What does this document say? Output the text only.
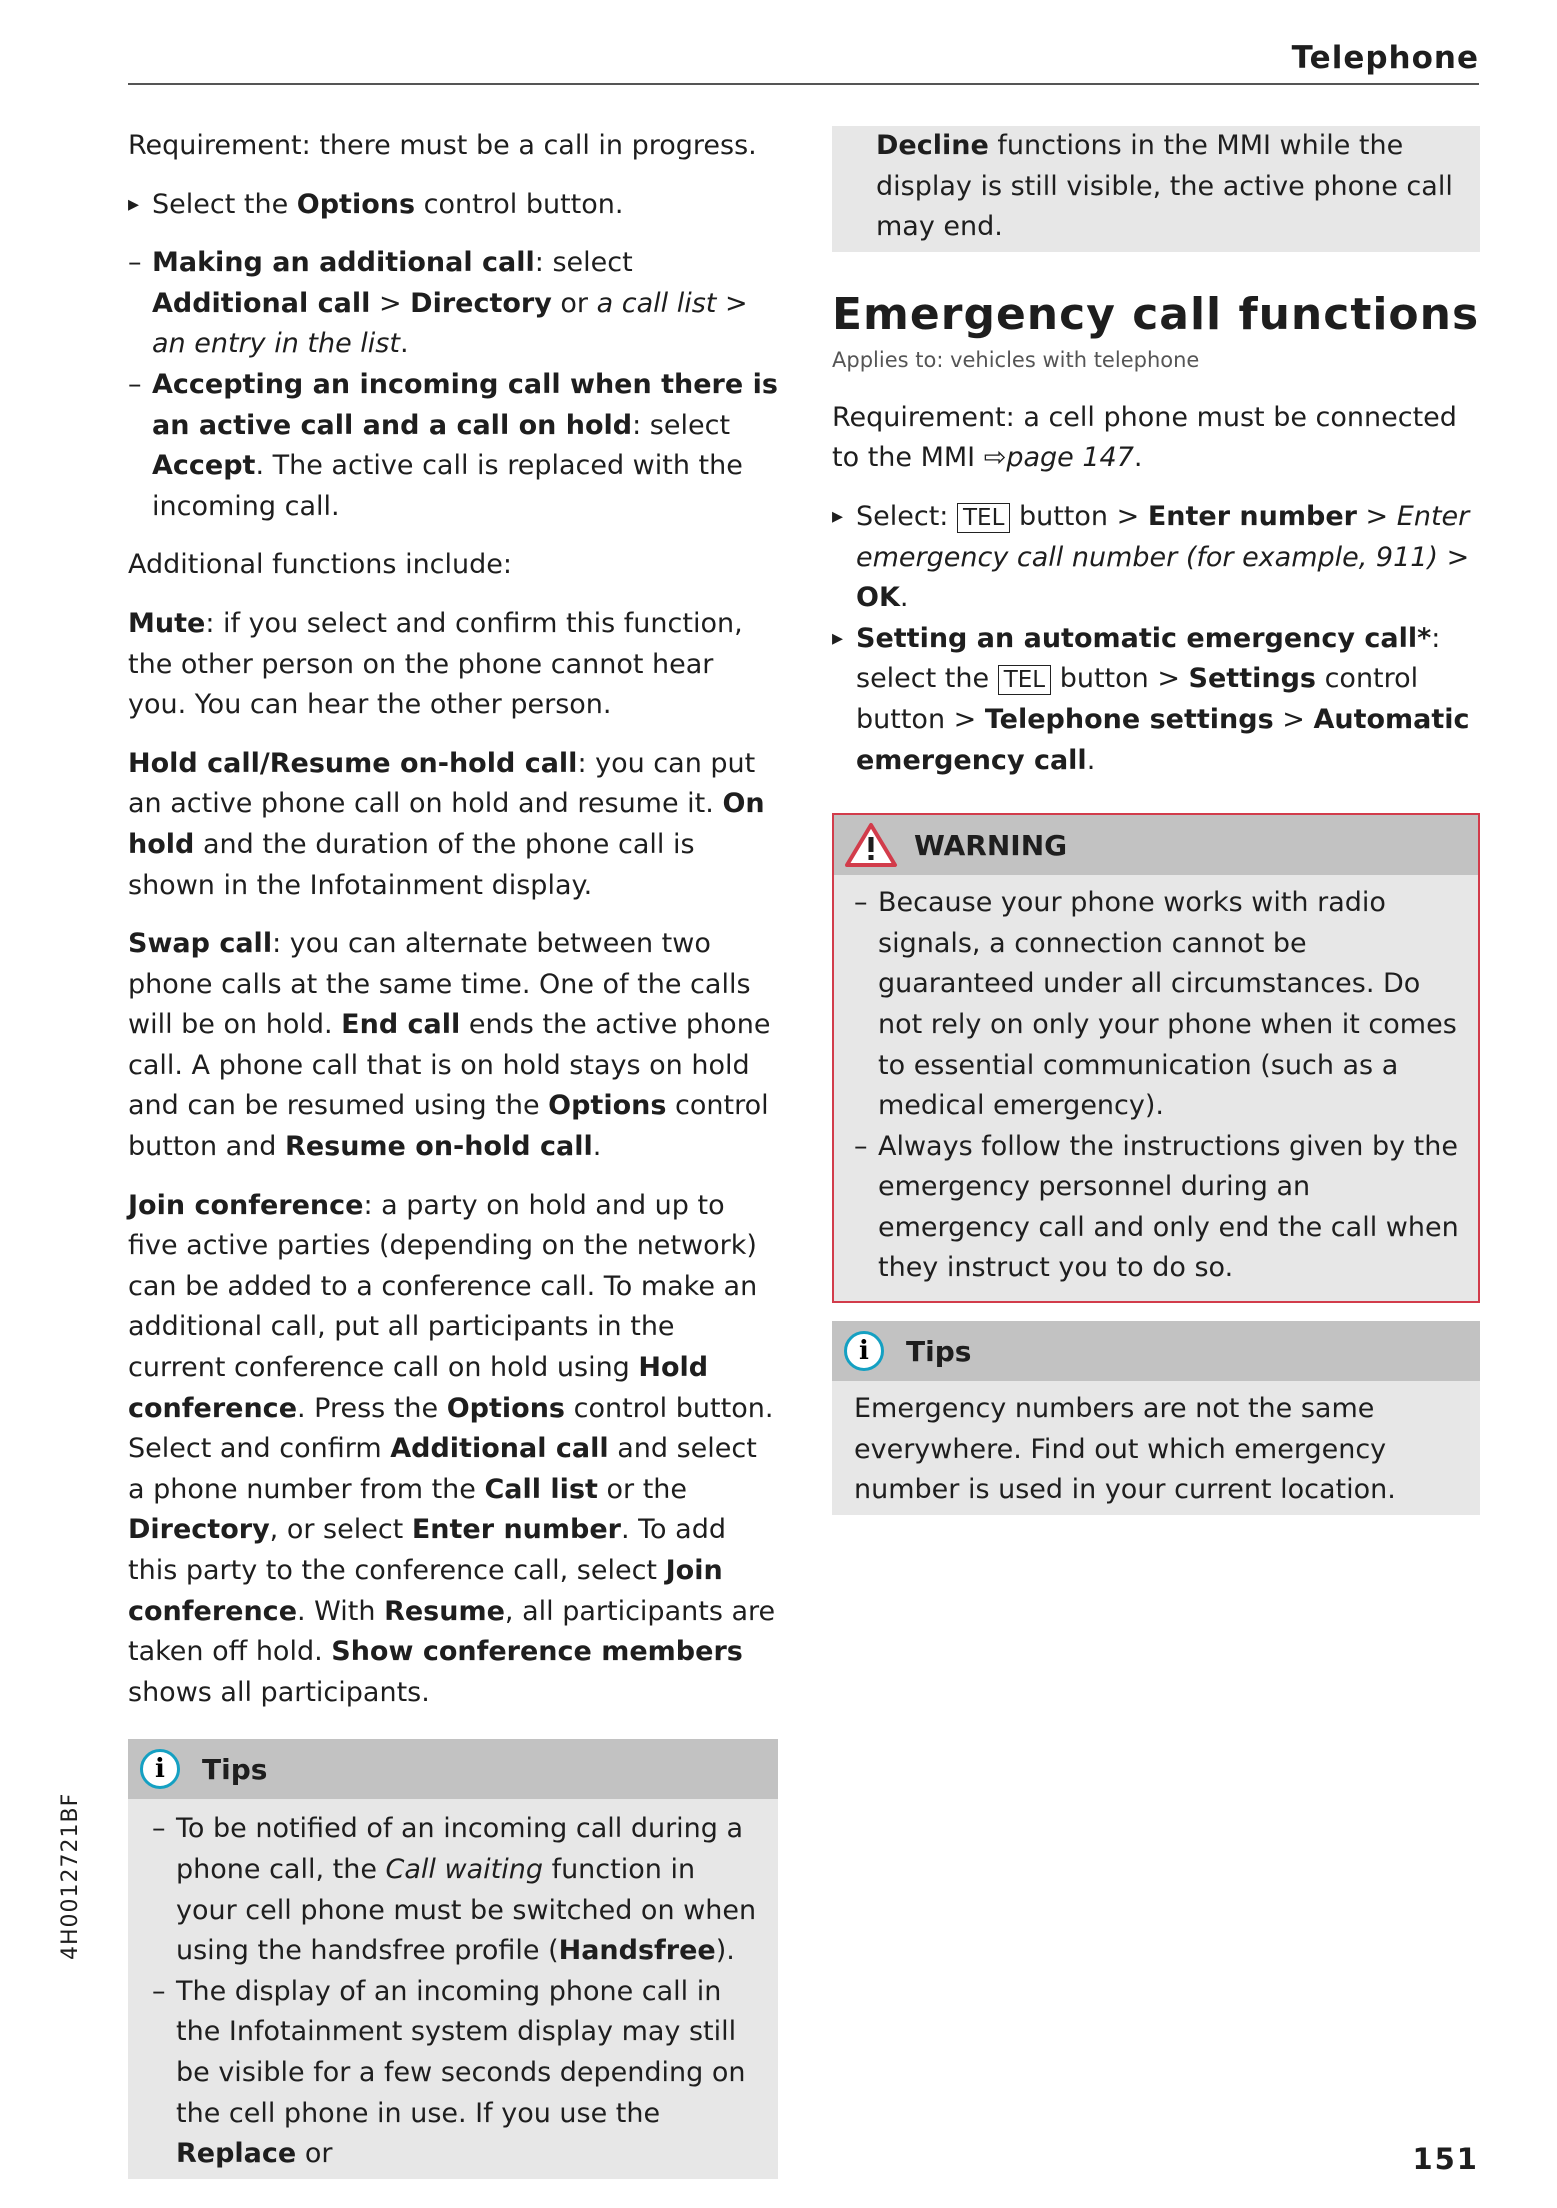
Telephone

Requirement: there must be a call in progress.

▸ Select the Options control button.
– Making an additional call: select Additional call > Directory or a call list > an entry in the list.
– Accepting an incoming call when there is an active call and a call on hold: select Accept. The active call is replaced with the incoming call.

Additional functions include:

Mute: if you select and confirm this function, the other person on the phone cannot hear you. You can hear the other person.

Hold call/Resume on-hold call: you can put an active phone call on hold and resume it. On hold and the duration of the phone call is shown in the Infotainment display.

Swap call: you can alternate between two phone calls at the same time. One of the calls will be on hold. End call ends the active phone call. A phone call that is on hold stays on hold and can be resumed using the Options control button and Resume on-hold call.

Join conference: a party on hold and up to five active parties (depending on the network) can be added to a conference call. To make an additional call, put all participants in the current conference call on hold using Hold conference. Press the Options control button. Select and confirm Additional call and select a phone number from the Call list or the Directory, or select Enter number. To add this party to the conference call, select Join conference. With Resume, all participants are taken off hold. Show conference members shows all participants.

i	Tips
– To be notified of an incoming call during a phone call, the Call waiting function in your cell phone must be switched on when using the handsfree profile (Handsfree).
– The display of an incoming phone call in the Infotainment system display may still be visible for a few seconds depending on the cell phone in use. If you use the Replace or

Decline functions in the MMI while the display is still visible, the active phone call may end.

Emergency call functions
Applies to: vehicles with telephone

Requirement: a cell phone must be connected to the MMI ⇨page 147.

▸ Select: TEL button > Enter number > Enter emergency call number (for example, 911) > OK.
▸ Setting an automatic emergency call*: select the TEL button > Settings control button > Telephone settings > Automatic emergency call.
WARNING
– Because your phone works with radio signals, a connection cannot be guaranteed under all circumstances. Do not rely on only your phone when it comes to essential communication (such as a medical emergency).
– Always follow the instructions given by the emergency personnel during an emergency call and only end the call when they instruct you to do so.
i	Tips

Emergency numbers are not the same everywhere. Find out which emergency number is used in your current location.

4H0012721BF
151
